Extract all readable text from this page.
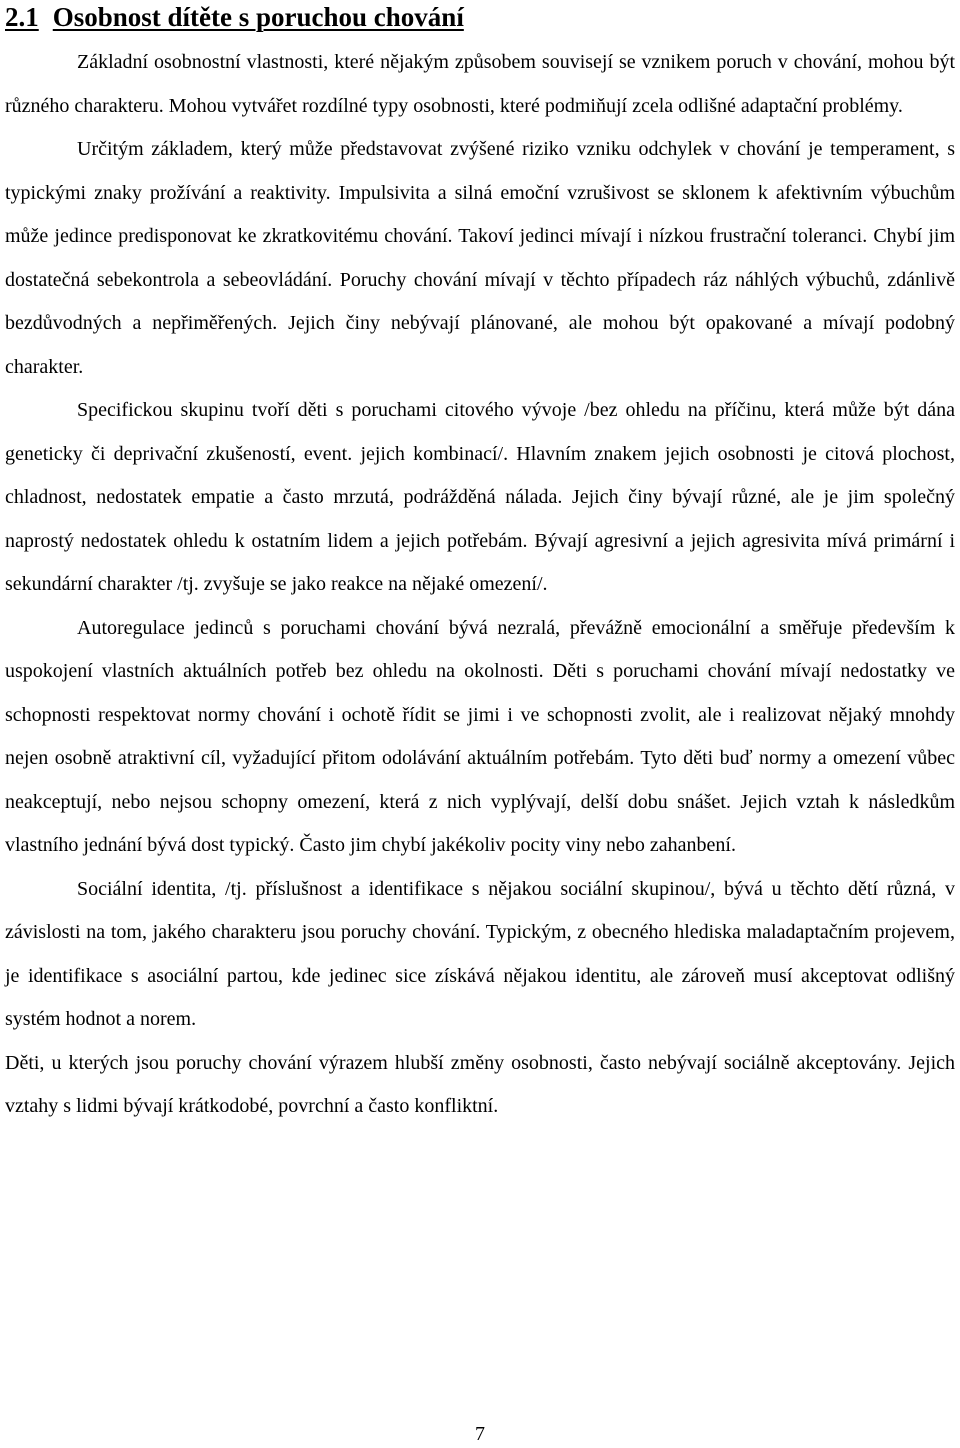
2.1 Osobnost dítěte s poruchou chování

Základní osobnostní vlastnosti, které nějakým způsobem souvisejí se vznikem poruch v chování, mohou být různého charakteru. Mohou vytvářet rozdílné typy osobnosti, které podmiňují zcela odlišné adaptační problémy.

Určitým základem, který může představovat zvýšené riziko vzniku odchylek v chování je temperament, s typickými znaky prožívání a reaktivity. Impulsivita a silná emoční vzrušivost se sklonem k afektivním výbuchům může jedince predisponovat ke zkratkovitému chování. Takoví jedinci mívají i nízkou frustrační toleranci. Chybí jim dostatečná sebekontrola a sebeovládání. Poruchy chování mívají v těchto případech ráz náhlých výbuchů, zdánlivě bezdůvodných a nepřiměřených. Jejich činy nebývají plánované, ale mohou být opakované a mívají podobný charakter.

Specifickou skupinu tvoří děti s poruchami citového vývoje /bez ohledu na příčinu, která může být dána geneticky či deprivační zkušeností, event. jejich kombinací/. Hlavním znakem jejich osobnosti je citová plochost, chladnost, nedostatek empatie a často mrzutá, podrážděná nálada. Jejich činy bývají různé, ale je jim společný naprostý nedostatek ohledu k ostatním lidem a jejich potřebám. Bývají agresivní a jejich agresivita mívá primární i sekundární charakter /tj. zvyšuje se jako reakce na nějaké omezení/.

Autoregulace jedinců s poruchami chování bývá nezralá, převážně emocionální a směřuje především k uspokojení vlastních aktuálních potřeb bez ohledu na okolnosti. Děti s poruchami chování mívají nedostatky ve schopnosti respektovat normy chování i ochotě řídit se jimi i ve schopnosti zvolit, ale i realizovat nějaký mnohdy nejen osobně atraktivní cíl, vyžadující přitom odolávání aktuálním potřebám. Tyto děti buď normy a omezení vůbec neakceptují, nebo nejsou schopny omezení, která z nich vyplývají, delší dobu snášet. Jejich vztah k následkům vlastního jednání bývá dost typický. Často jim chybí jakékoliv pocity viny nebo zahanbení.

Sociální identita, /tj. příslušnost a identifikace s nějakou sociální skupinou/, bývá u těchto dětí různá, v závislosti na tom, jakého charakteru jsou poruchy chování. Typickým, z obecného hlediska maladaptačním projevem, je identifikace s asociální partou, kde jedinec sice získává nějakou identitu, ale zároveň musí akceptovat odlišný systém hodnot a norem.

Děti, u kterých jsou poruchy chování výrazem hlubší změny osobnosti, často nebývají sociálně akceptovány. Jejich vztahy s lidmi bývají krátkodobé, povrchní a často konfliktní.

7
